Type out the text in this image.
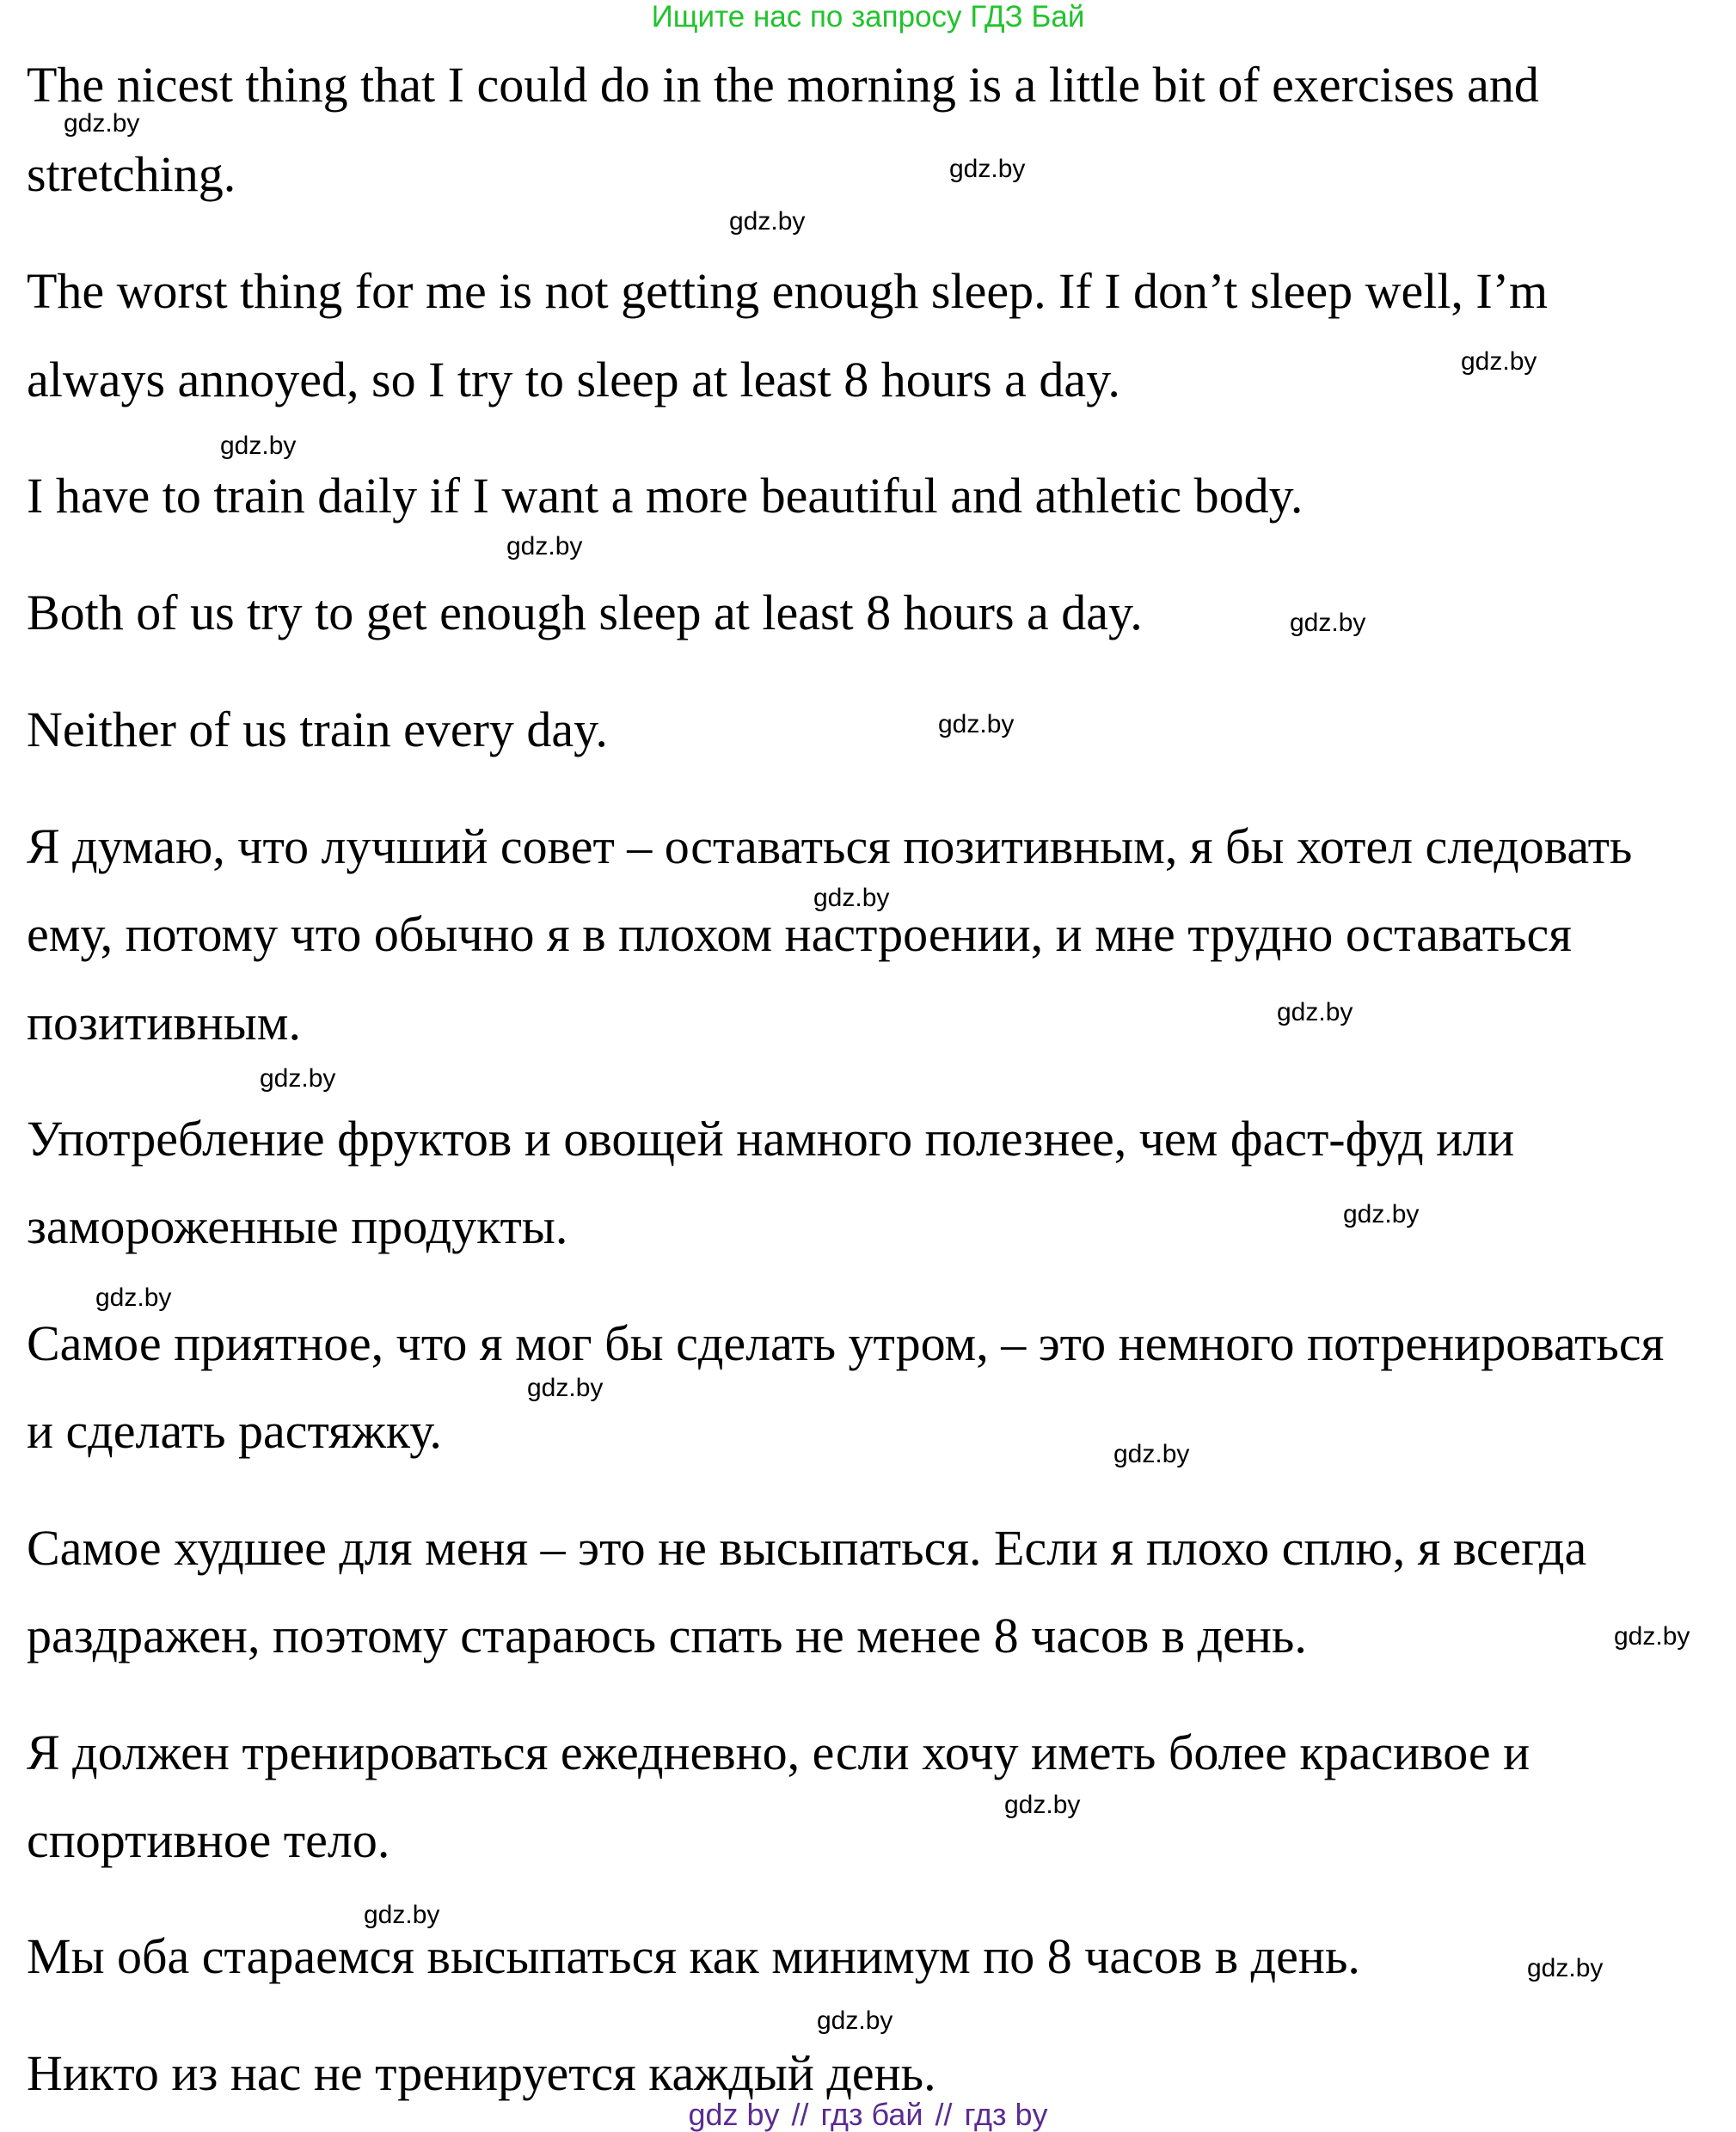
Ищите нас по запросу ГДЗ Бай
The nicest thing that I could do in the morning is a little bit of exercises and
stretching.
The worst thing for me is not getting enough sleep. If I don’t sleep well, I’m
always annoyed, so I try to sleep at least 8 hours a day.
I have to train daily if I want a more beautiful and athletic body.
Both of us try to get enough sleep at least 8 hours a day.
Neither of us train every day.
Я думаю, что лучший совет – оставаться позитивным, я бы хотел следовать
ему, потому что обычно я в плохом настроении, и мне трудно оставаться
позитивным.
Употребление фруктов и овощей намного полезнее, чем фаст-фуд или
замороженные продукты.
Самое приятное, что я мог бы сделать утром, – это немного потренироваться
и сделать растяжку.
Самое худшее для меня – это не высыпаться. Если я плохо сплю, я всегда
раздражен, поэтому стараюсь спать не менее 8 часов в день.
Я должен тренироваться ежедневно, если хочу иметь более красивое и
спортивное тело.
Мы оба стараемся высыпаться как минимум по 8 часов в день.
Никто из нас не тренируется каждый день.
gdz.by
gdz.by
gdz.by
gdz.by
gdz.by
gdz.by
gdz.by
gdz.by
gdz.by
gdz.by
gdz.by
gdz.by
gdz.by
gdz.by
gdz.by
gdz.by
gdz.by
gdz.by
gdz.by
gdz.by
gdz by // гдз бай // гдз by
